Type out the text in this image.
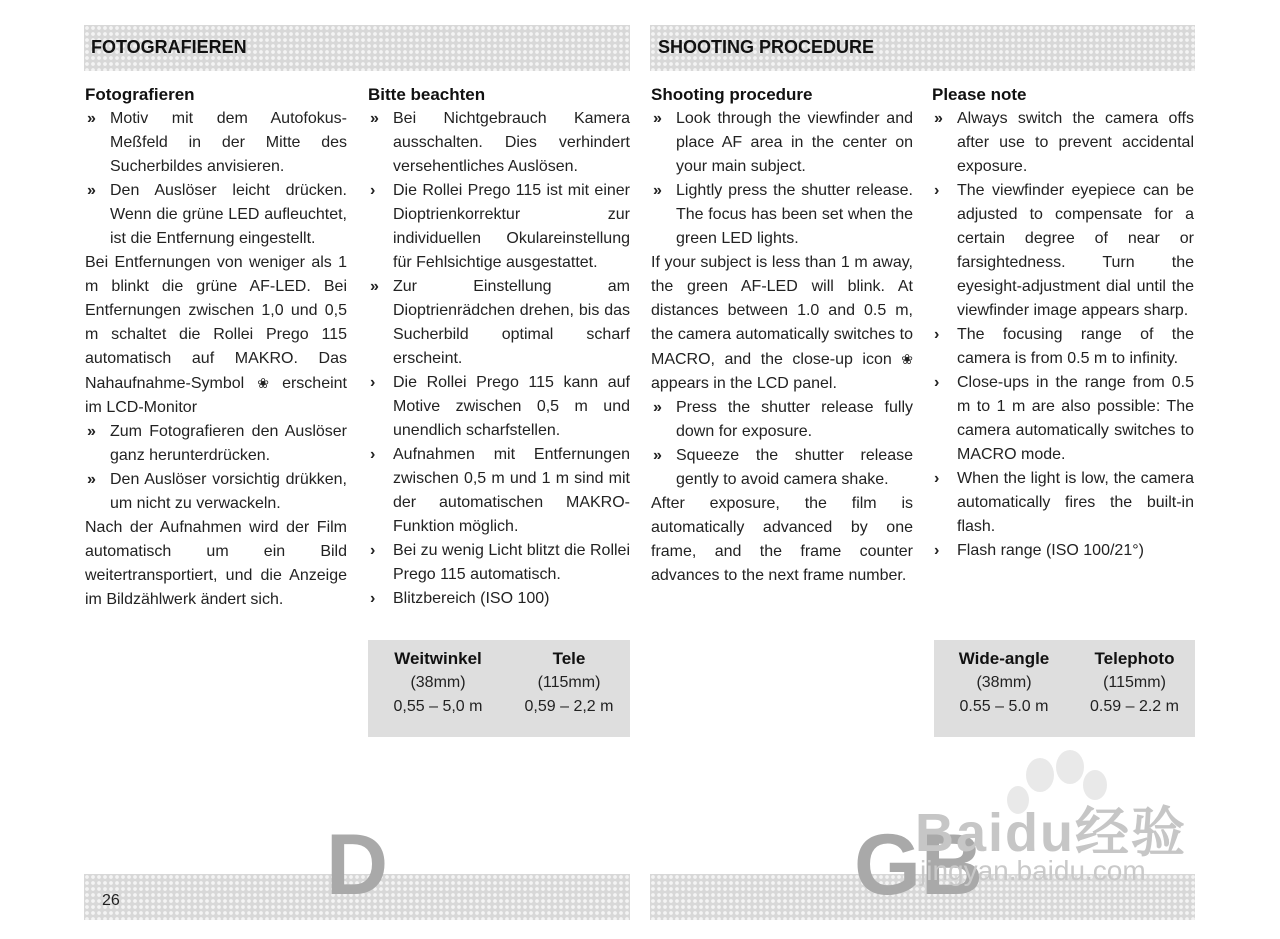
FOTOGRAFIEREN	SHOOTING PROCEDURE
Fotografieren
» Motiv mit dem Autofokus-Meßfeld in der Mitte des Sucherbildes anvisieren.
» Den Auslöser leicht drücken. Wenn die grüne LED aufleuchtet, ist die Entfernung eingestellt.
Bei Entfernungen von weniger als 1 m blinkt die grüne AF-LED. Bei Entfernungen zwischen 1,0 und 0,5 m schaltet die Rollei Prego 115 automatisch auf MAKRO. Das Nahaufnahme-Symbol ❀ erscheint im LCD-Monitor
» Zum Fotografieren den Auslöser ganz herunterdrücken.
» Den Auslöser vorsichtig drükken, um nicht zu verwackeln.
Nach der Aufnahmen wird der Film automatisch um ein Bild weitertransportiert, und die Anzeige im Bildzählwerk ändert sich.
Bitte beachten
» Bei Nichtgebrauch Kamera ausschalten. Dies verhindert versehentliches Auslösen.
› Die Rollei Prego 115 ist mit einer Dioptrienkorrektur zur individuellen Okulareinstellung für Fehlsichtige ausgestattet.
» Zur Einstellung am Dioptrienrädchen drehen, bis das Sucherbild optimal scharf erscheint.
› Die Rollei Prego 115 kann auf Motive zwischen 0,5 m und unendlich scharfstellen.
› Aufnahmen mit Entfernungen zwischen 0,5 m und 1 m sind mit der automatischen MAKRO-Funktion möglich.
› Bei zu wenig Licht blitzt die Rollei Prego 115 automatisch.
› Blitzbereich (ISO 100)
Shooting procedure
» Look through the viewfinder and place AF area in the center on your main subject.
» Lightly press the shutter release. The focus has been set when the green LED lights.
If your subject is less than 1 m away, the green AF-LED will blink. At distances between 1.0 and 0.5 m, the camera automatically switches to MACRO, and the close-up icon ❀ appears in the LCD panel.
» Press the shutter release fully down for exposure.
» Squeeze the shutter release gently to avoid camera shake.
After exposure, the film is automatically advanced by one frame, and the frame counter advances to the next frame number.
Please note
» Always switch the camera offs after use to prevent accidental exposure.
› The viewfinder eyepiece can be adjusted to compensate for a certain degree of near or farsightedness. Turn the eyesight-adjustment dial until the viewfinder image appears sharp.
› The focusing range of the camera is from 0.5 m to infinity.
› Close-ups in the range from 0.5 m to 1 m are also possible: The camera automatically switches to MACRO mode.
› When the light is low, the camera automatically fires the built-in flash.
› Flash range (ISO 100/21°)
Weitwinkel	Tele
(38mm)	(115mm)
0,55 – 5,0 m	0,59 – 2,2 m
Wide-angle	Telephoto
(38mm)	(115mm)
0.55 – 5.0 m	0.59 – 2.2 m
26 D	GB
Baidu经验
jingyan.baidu.com
